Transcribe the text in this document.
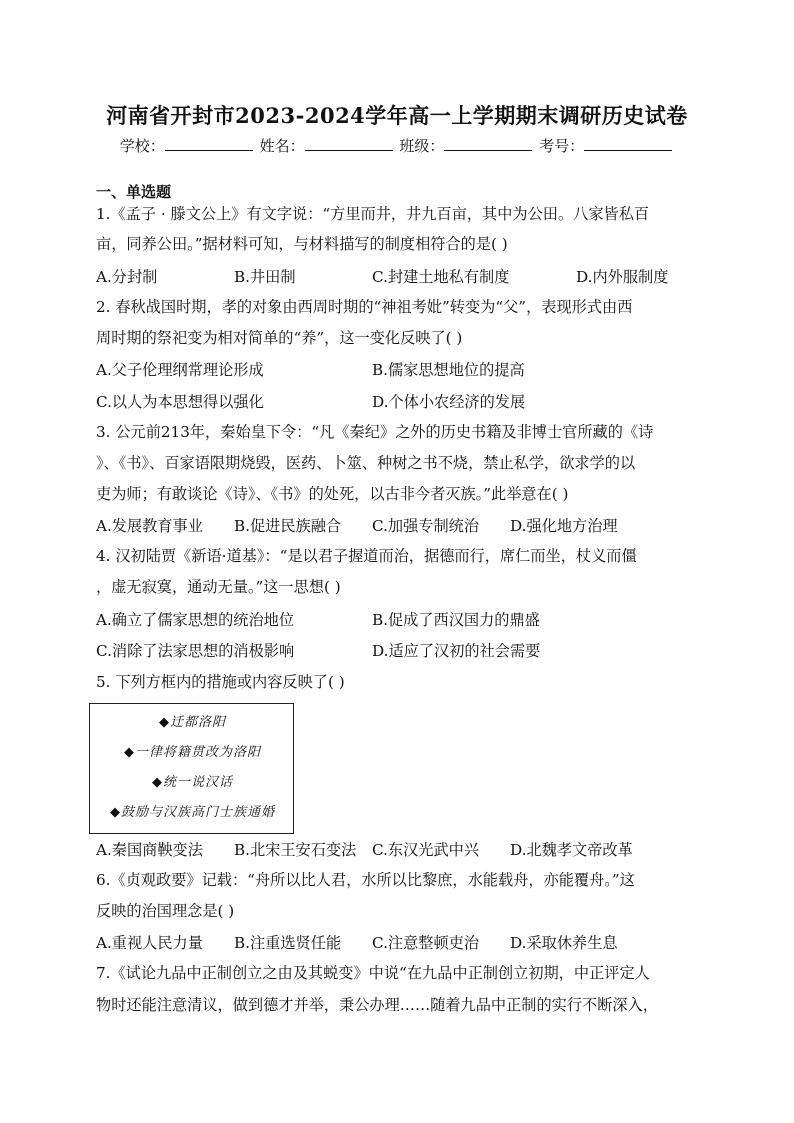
河南省开封市2023-2024学年高一上学期期末调研历史试卷
学校：	姓名：	班级：	考号：
一、单选题
1.《孟子 · 滕文公上》有文字说：“方里而井，井九百亩，其中为公田。八家皆私百
亩，同养公田。”据材料可知，与材料描写的制度相符合的是( )
A.分封制	B.井田制	C.封建土地私有制度	D.内外服制度
2. 春秋战国时期，孝的对象由西周时期的“神祖考妣”转变为“父”，表现形式由西
周时期的祭祀变为相对简单的“养”，这一变化反映了( )
A.父子伦理纲常理论形成	B.儒家思想地位的提高
C.以人为本思想得以强化	D.个体小农经济的发展
3. 公元前213年，秦始皇下令：“凡《秦纪》之外的历史书籍及非博士官所藏的《诗
》、《书》、百家语限期烧毁，医药、卜筮、种树之书不烧，禁止私学，欲求学的以
吏为师；有敢谈论《诗》、《书》的处死，以古非今者灭族。”此举意在( )
A.发展教育事业 B.促进民族融合 C.加强专制统治 D.强化地方治理
4. 汉初陆贾《新语·道基》：“是以君子握道而治，据德而行，席仁而坐，杖义而僵
，虚无寂寞，通动无量。”这一思想( )
A.确立了儒家思想的统治地位	B.促成了西汉国力的鼎盛
C.消除了法家思想的消极影响	D.适应了汉初的社会需要
5. 下列方框内的措施或内容反映了( )
◆迁都洛阳
◆一律将籍贯改为洛阳
◆统一说汉话
◆鼓励与汉族高门士族通婚
A.秦国商鞅变法 B.北宋王安石变法 C.东汉光武中兴 D.北魏孝文帝改革
6.《贞观政要》记载：“舟所以比人君，水所以比黎庶，水能载舟，亦能覆舟。”这
反映的治国理念是( )
A.重视人民力量 B.注重选贤任能 C.注意整顿吏治 D.采取休养生息
7.《试论九品中正制创立之由及其蜕变》中说“在九品中正制创立初期，中正评定人
物时还能注意清议，做到德才并举，秉公办理……随着九品中正制的实行不断深入，
